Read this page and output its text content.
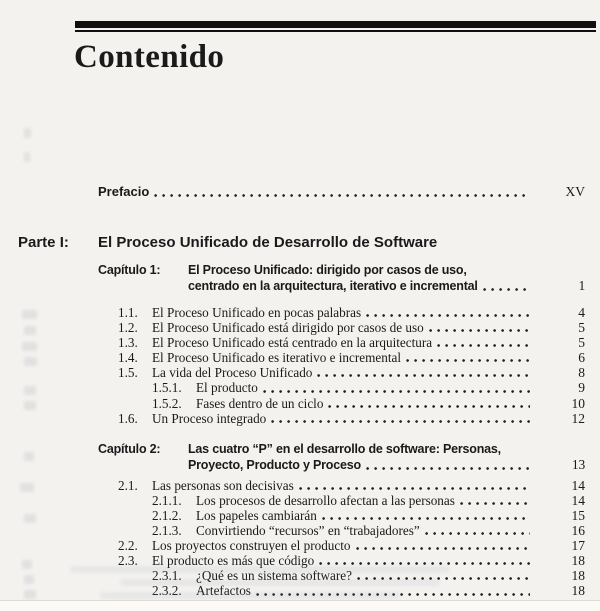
Contenido
Prefacio	XV
Parte I:	El Proceso Unificado de Desarrollo de Software
Capítulo 1:	El Proceso Unificado: dirigido por casos de uso,
centrado en la arquitectura, iterativo e incremental	1
1.1.	El Proceso Unificado en pocas palabras	4
1.2.	El Proceso Unificado está dirigido por casos de uso	5
1.3.	El Proceso Unificado está centrado en la arquitectura	5
1.4.	El Proceso Unificado es iterativo e incremental	6
1.5.	La vida del Proceso Unificado	8
1.5.1.	El producto	9
1.5.2.	Fases dentro de un ciclo	10
1.6.	Un Proceso integrado	12
Capítulo 2:	Las cuatro “P” en el desarrollo de software: Personas,
Proyecto, Producto y Proceso	13
2.1.	Las personas son decisivas	14
2.1.1.	Los procesos de desarrollo afectan a las personas	14
2.1.2.	Los papeles cambiarán	15
2.1.3.	Convirtiendo “recursos” en “trabajadores”	16
2.2.	Los proyectos construyen el producto	17
2.3.	El producto es más que código	18
2.3.1.	¿Qué es un sistema software?	18
2.3.2.	Artefactos	18
